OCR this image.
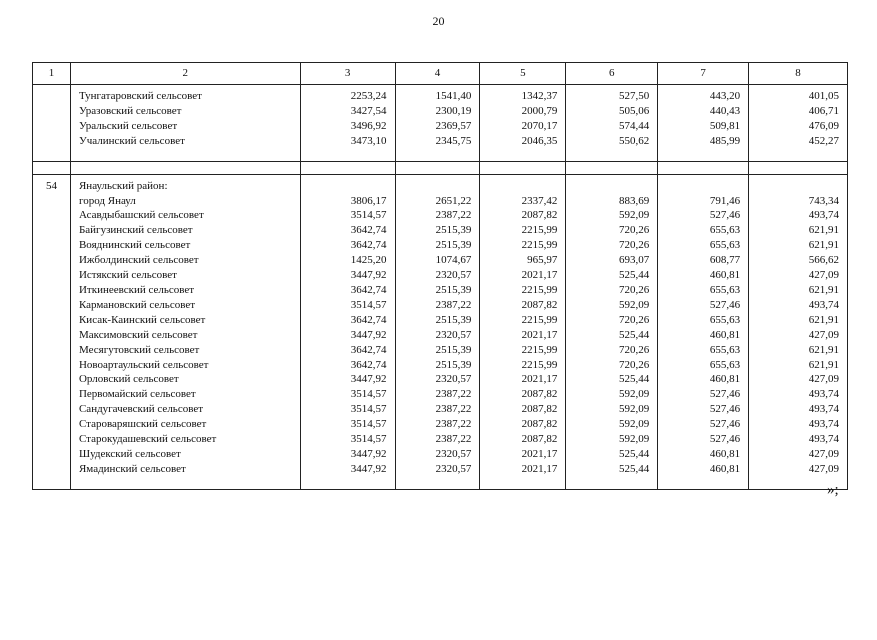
20
1	2	3	4	5	6	7	8
	Тунгатаровский сельсовет	2253,24	1541,40	1342,37	527,50	443,20	401,05
	Уразовский сельсовет	3427,54	2300,19	2000,79	505,06	440,43	406,71
	Уральский сельсовет	3496,92	2369,57	2070,17	574,44	509,81	476,09
	Учалинский сельсовет	3473,10	2345,75	2046,35	550,62	485,99	452,27

54	Янаульский район:						
	город Янаул	3806,17	2651,22	2337,42	883,69	791,46	743,34
	Асавдыбашский сельсовет	3514,57	2387,22	2087,82	592,09	527,46	493,74
	Байгузинский сельсовет	3642,74	2515,39	2215,99	720,26	655,63	621,91
	Вояднинский сельсовет	3642,74	2515,39	2215,99	720,26	655,63	621,91
	Ижболдинский сельсовет	1425,20	1074,67	965,97	693,07	608,77	566,62
	Истякский сельсовет	3447,92	2320,57	2021,17	525,44	460,81	427,09
	Иткинеевский сельсовет	3642,74	2515,39	2215,99	720,26	655,63	621,91
	Кармановский сельсовет	3514,57	2387,22	2087,82	592,09	527,46	493,74
	Кисак-Каинский сельсовет	3642,74	2515,39	2215,99	720,26	655,63	621,91
	Максимовский сельсовет	3447,92	2320,57	2021,17	525,44	460,81	427,09
	Месягутовский сельсовет	3642,74	2515,39	2215,99	720,26	655,63	621,91
	Новоартаульский сельсовет	3642,74	2515,39	2215,99	720,26	655,63	621,91
	Орловский сельсовет	3447,92	2320,57	2021,17	525,44	460,81	427,09
	Первомайский сельсовет	3514,57	2387,22	2087,82	592,09	527,46	493,74
	Сандугачевский сельсовет	3514,57	2387,22	2087,82	592,09	527,46	493,74
	Староваряшский сельсовет	3514,57	2387,22	2087,82	592,09	527,46	493,74
	Старокудашевский сельсовет	3514,57	2387,22	2087,82	592,09	527,46	493,74
	Шудекский сельсовет	3447,92	2320,57	2021,17	525,44	460,81	427,09
	Ямадинский сельсовет	3447,92	2320,57	2021,17	525,44	460,81	427,09
»;
